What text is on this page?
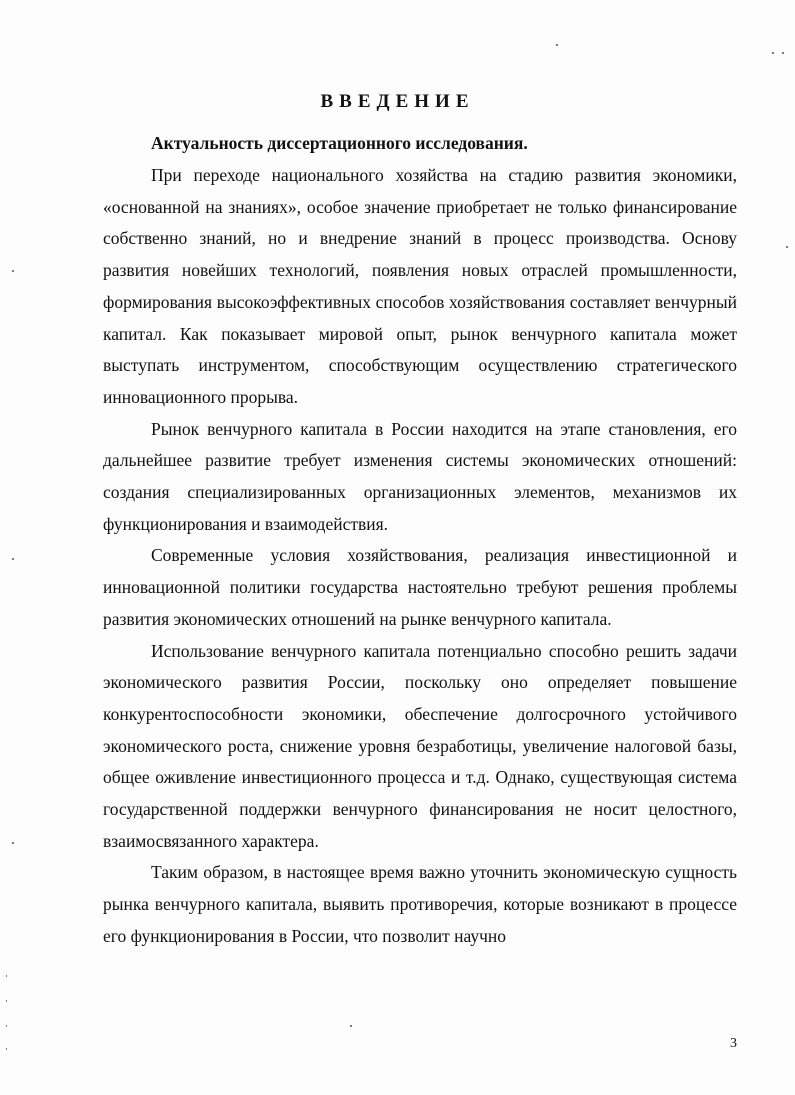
ВВЕДЕНИЕ
Актуальность диссертационного исследования.

При переходе национального хозяйства на стадию развития экономики, «основанной на знаниях», особое значение приобретает не только финансирование собственно знаний, но и внедрение знаний в процесс производства. Основу развития новейших технологий, появления новых отраслей промышленности, формирования высокоэффективных способов хозяйствования составляет венчурный капитал. Как показывает мировой опыт, рынок венчурного капитала может выступать инструментом, способствующим осуществлению стратегического инновационного прорыва.

Рынок венчурного капитала в России находится на этапе становления, его дальнейшее развитие требует изменения системы экономических отношений: создания специализированных организационных элементов, механизмов их функционирования и взаимодействия.

Современные условия хозяйствования, реализация инвестиционной и инновационной политики государства настоятельно требуют решения проблемы развития экономических отношений на рынке венчурного капитала.

Использование венчурного капитала потенциально способно решить задачи экономического развития России, поскольку оно определяет повышение конкурентоспособности экономики, обеспечение долгосрочного устойчивого экономического роста, снижение уровня безработицы, увеличение налоговой базы, общее оживление инвестиционного процесса и т.д. Однако, существующая система государственной поддержки венчурного финансирования не носит целостного, взаимосвязанного характера.

Таким образом, в настоящее время важно уточнить экономическую сущность рынка венчурного капитала, выявить противоречия, которые возникают в процессе его функционирования в России, что позволит научно

3
